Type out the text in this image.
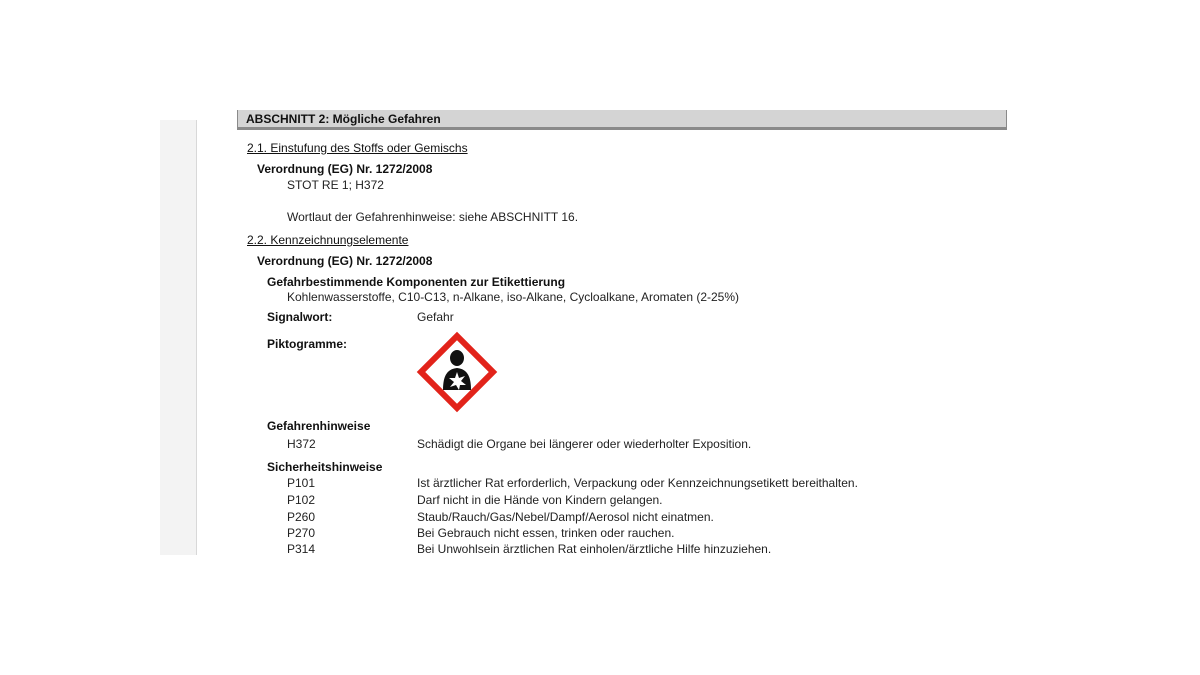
ABSCHNITT 2: Mögliche Gefahren
2.1. Einstufung des Stoffs oder Gemischs
Verordnung (EG) Nr. 1272/2008
STOT RE 1; H372
Wortlaut der Gefahrenhinweise: siehe ABSCHNITT 16.
2.2. Kennzeichnungselemente
Verordnung (EG) Nr. 1272/2008
Gefahrbestimmende Komponenten zur Etikettierung
Kohlenwasserstoffe, C10-C13, n-Alkane, iso-Alkane, Cycloalkane, Aromaten (2-25%)
Signalwort:	Gefahr
Piktogramme:
Gefahrenhinweise
H372	Schädigt die Organe bei längerer oder wiederholter Exposition.
Sicherheitshinweise
P101	Ist ärztlicher Rat erforderlich, Verpackung oder Kennzeichnungsetikett bereithalten.
P102	Darf nicht in die Hände von Kindern gelangen.
P260	Staub/Rauch/Gas/Nebel/Dampf/Aerosol nicht einatmen.
P270	Bei Gebrauch nicht essen, trinken oder rauchen.
P314	Bei Unwohlsein ärztlichen Rat einholen/ärztliche Hilfe hinzuziehen.
